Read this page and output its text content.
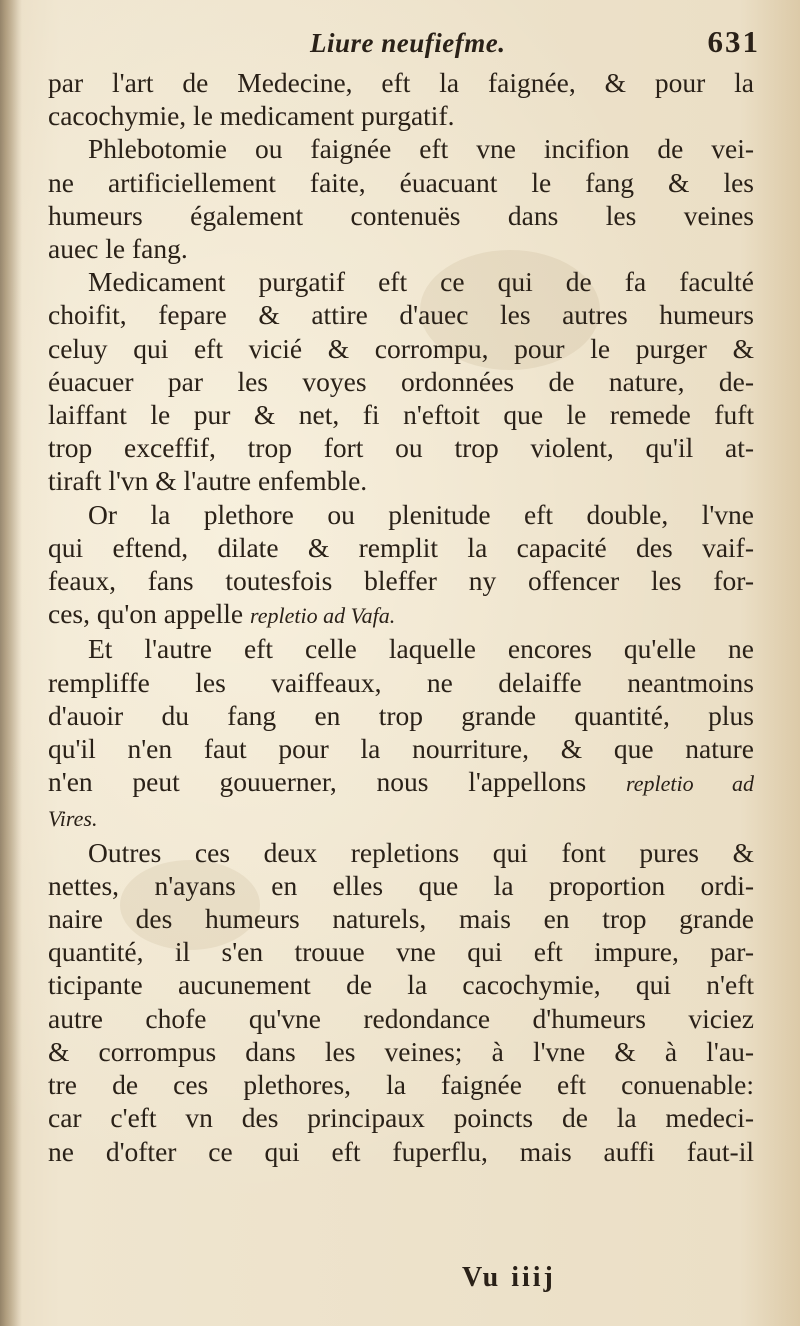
Liure neufiefme.	631
par l'art de Medecine, eft la faignée, & pour la
cacochymie, le medicament purgatif.
Phlebotomie ou faignée eft vne incifion de vei-
ne artificiellement faite, éuacuant le fang & les
humeurs également contenuës dans les veines
auec le fang.
Medicament purgatif eft ce qui de fa faculté
choifit, fepare & attire d'auec les autres humeurs
celuy qui eft vicié & corrompu, pour le purger &
éuacuer par les voyes ordonnées de nature, de-
laiffant le pur & net, fi n'eftoit que le remede fuft
trop exceffif, trop fort ou trop violent, qu'il at-
tiraft l'vn & l'autre enfemble.
Or la plethore ou plenitude eft double, l'vne
qui eftend, dilate & remplit la capacité des vaif-
feaux, fans toutesfois bleffer ny offencer les for-
ces, qu'on appelle repletio ad Vafa.
Et l'autre eft celle laquelle encores qu'elle ne
rempliffe les vaiffeaux, ne delaiffe neantmoins
d'auoir du fang en trop grande quantité, plus
qu'il n'en faut pour la nourriture, & que nature
n'en peut gouuerner, nous l'appellons repletio ad
Vires.
Outres ces deux repletions qui font pures &
nettes, n'ayans en elles que la proportion ordi-
naire des humeurs naturels, mais en trop grande
quantité, il s'en trouue vne qui eft impure, par-
ticipante aucunement de la cacochymie, qui n'eft
autre chofe qu'vne redondance d'humeurs viciez
& corrompus dans les veines; à l'vne & à l'au-
tre de ces plethores, la faignée eft conuenable:
car c'eft vn des principaux poincts de la medeci-
ne d'ofter ce qui eft fuperflu, mais auffi faut-il
Vu iiij
